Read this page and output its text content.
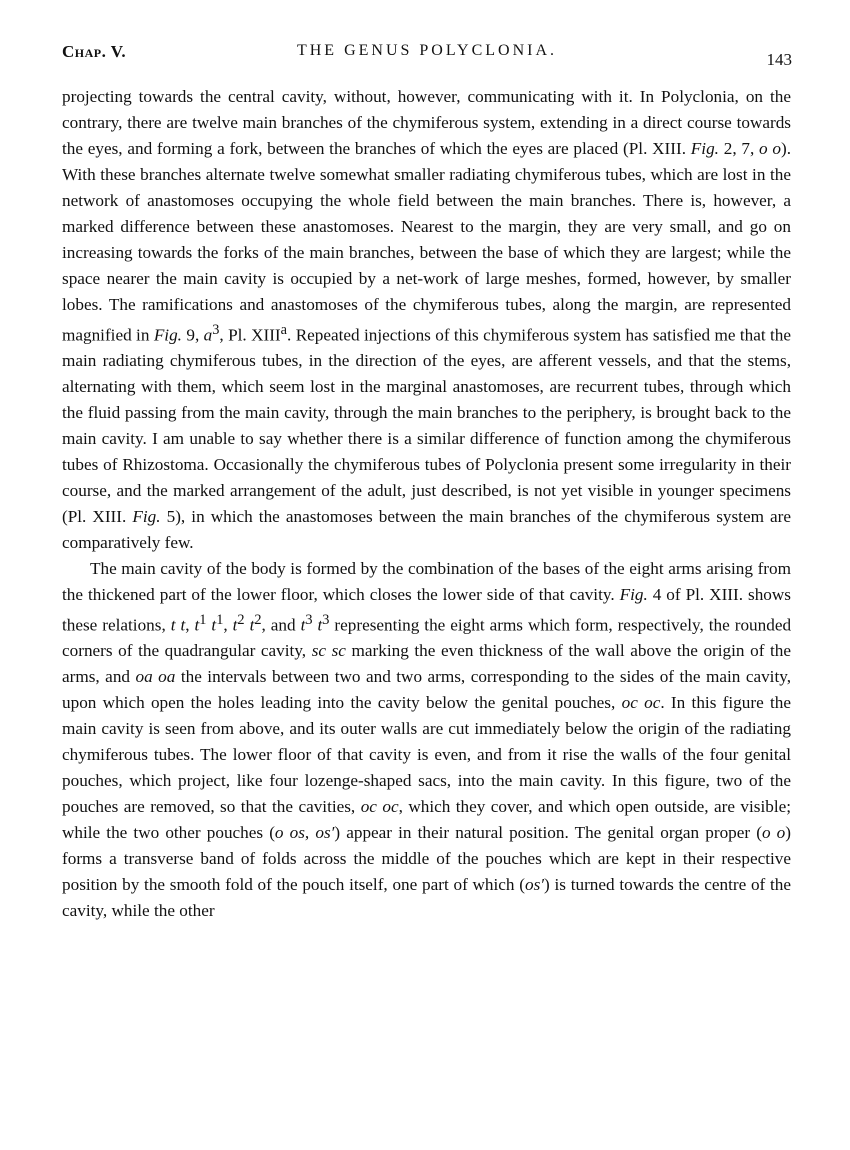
Chap. V.	THE GENUS POLYCLONIA.	143

projecting towards the central cavity, without, however, communicating with it. In Polyclonia, on the contrary, there are twelve main branches of the chymiferous system, extending in a direct course towards the eyes, and forming a fork, between the branches of which the eyes are placed (Pl. XIII. Fig. 2, 7, o o). With these branches alternate twelve somewhat smaller radiating chymiferous tubes, which are lost in the network of anastomoses occupying the whole field between the main branches. There is, however, a marked difference between these anastomoses. Nearest to the margin, they are very small, and go on increasing towards the forks of the main branches, between the base of which they are largest; while the space nearer the main cavity is occupied by a net-work of large meshes, formed, however, by smaller lobes. The ramifications and anastomoses of the chymiferous tubes, along the margin, are represented magnified in Fig. 9, $a^3$, Pl. XIII$^a$. Repeated injections of this chymiferous system has satisfied me that the main radiating chymiferous tubes, in the direction of the eyes, are afferent vessels, and that the stems, alternating with them, which seem lost in the marginal anastomoses, are recurrent tubes, through which the fluid passing from the main cavity, through the main branches to the periphery, is brought back to the main cavity. I am unable to say whether there is a similar difference of function among the chymiferous tubes of Rhizostoma. Occasionally the chymiferous tubes of Polyclonia present some irregularity in their course, and the marked arrangement of the adult, just described, is not yet visible in younger specimens (Pl. XIII. Fig. 5), in which the anastomoses between the main branches of the chymiferous system are comparatively few.

The main cavity of the body is formed by the combination of the bases of the eight arms arising from the thickened part of the lower floor, which closes the lower side of that cavity. Fig. 4 of Pl. XIII. shows these relations, t t, $t^1$ $t^1$, $t^2$ $t^2$, and $t^3$ $t^3$ representing the eight arms which form, respectively, the rounded corners of the quadrangular cavity, sc sc marking the even thickness of the wall above the origin of the arms, and oa oa the intervals between two and two arms, corresponding to the sides of the main cavity, upon which open the holes leading into the cavity below the genital pouches, oc oc. In this figure the main cavity is seen from above, and its outer walls are cut immediately below the origin of the radiating chymiferous tubes. The lower floor of that cavity is even, and from it rise the walls of the four genital pouches, which project, like four lozenge-shaped sacs, into the main cavity. In this figure, two of the pouches are removed, so that the cavities, oc oc, which they cover, and which open outside, are visible; while the two other pouches (o os, os′) appear in their natural position. The genital organ proper (o o) forms a transverse band of folds across the middle of the pouches which are kept in their respective position by the smooth fold of the pouch itself, one part of which (os′) is turned towards the centre of the cavity, while the other
